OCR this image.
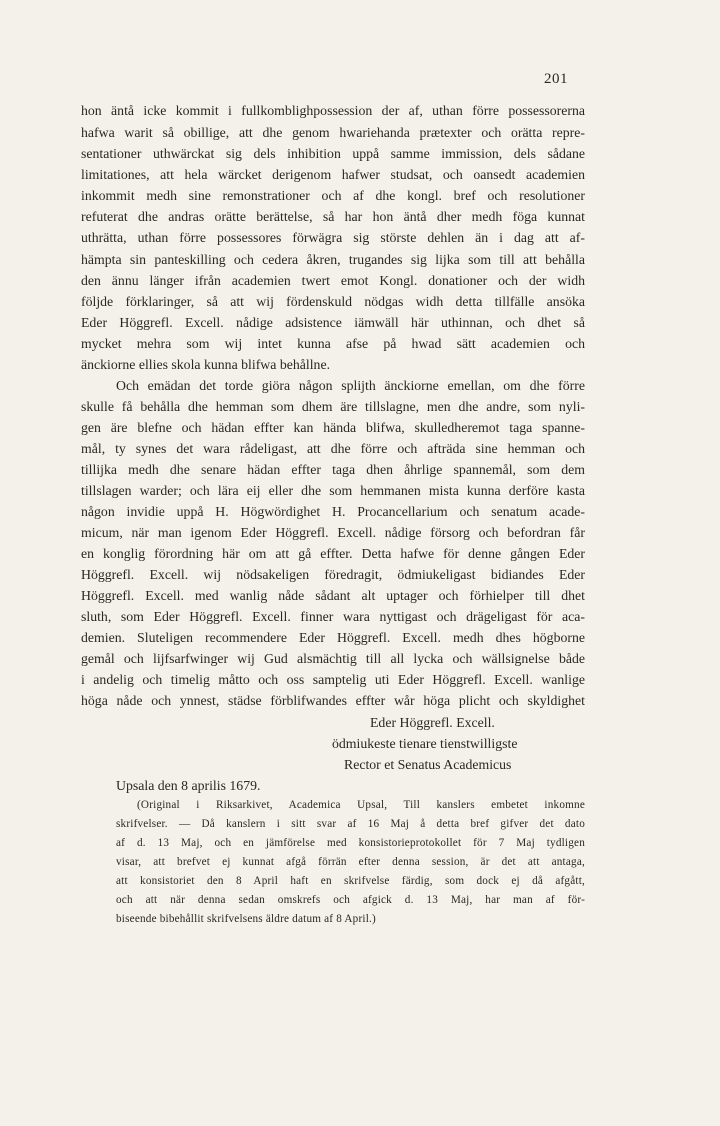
201

hon äntå icke kommit i fullkomblighpossession der af, uthan förre possessorerna

hafwa warit så obillige, att dhe genom hwariehanda prætexter och orätta repre-

sentationer uthwärckat sig dels inhibition uppå samme immission, dels sådane

limitationes, att hela wärcket derigenom hafwer studsat, och oansedt academien

inkommit medh sine remonstrationer och af dhe kongl. bref och resolutioner

refuterat dhe andras orätte berättelse, så har hon äntå dher medh föga kunnat

uthrätta, uthan förre possessores förwägra sig störste dehlen än i dag att af-

hämpta sin panteskilling och cedera åkren, trugandes sig lijka som till att behålla

den ännu länger ifrån academien twert emot Kongl. donationer och der widh

följde förklaringer, så att wij fördenskuld nödgas widh detta tillfälle ansöka

Eder Höggrefl. Excell. nådige adsistence iämwäll här uthinnan, och dhet så

mycket mehra som wij intet kunna afse på hwad sätt academien och

änckiorne ellies skola kunna blifwa behållne.

Och emädan det torde giöra någon splijth änckiorne emellan, om dhe förre

skulle få behålla dhe hemman som dhem äre tillslagne, men dhe andre, som nyli-

gen äre blefne och hädan effter kan hända blifwa, skulledheremot taga spanne-

mål, ty synes det wara rådeligast, att dhe förre och afträda sine hemman och

tillijka medh dhe senare hädan effter taga dhen åhrlige spannemål, som dem

tillslagen warder; och lära eij eller dhe som hemmanen mista kunna derföre kasta

någon invidie uppå H. Högwördighet H. Procancellarium och senatum acade-

micum, när man igenom Eder Höggrefl. Excell. nådige försorg och befordran får

en konglig förordning här om att gå effter. Detta hafwe för denne gången Eder

Höggrefl. Excell. wij nödsakeligen föredragit, ödmiukeligast bidiandes Eder

Höggrefl. Excell. med wanlig nåde sådant alt uptager och förhielper till dhet

sluth, som Eder Höggrefl. Excell. finner wara nyttigast och drägeligast för aca-

demien. Sluteligen recommendere Eder Höggrefl. Excell. medh dhes högborne

gemål och lijfsarfwinger wij Gud alsmächtig till all lycka och wällsignelse både

i andelig och timelig måtto och oss samptelig uti Eder Höggrefl. Excell. wanlige

höga nåde och ynnest, städse förblifwandes effter wår höga plicht och skyldighet

Eder Höggrefl. Excell.

ödmiukeste tienare tienstwilligste

Rector et Senatus Academicus

Upsala den 8 aprilis 1679.

(Original i Riksarkivet, Academica Upsal, Till kanslers embetet inkomne

skrifvelser. — Då kanslern i sitt svar af 16 Maj å detta bref gifver det dato

af d. 13 Maj, och en jämförelse med konsistorieprotokollet för 7 Maj tydligen

visar, att brefvet ej kunnat afgå förrän efter denna session, är det att antaga,

att konsistoriet den 8 April haft en skrifvelse färdig, som dock ej då afgått,

och att när denna sedan omskrefs och afgick d. 13 Maj, har man af för-

biseende bibehållit skrifvelsens äldre datum af 8 April.)
